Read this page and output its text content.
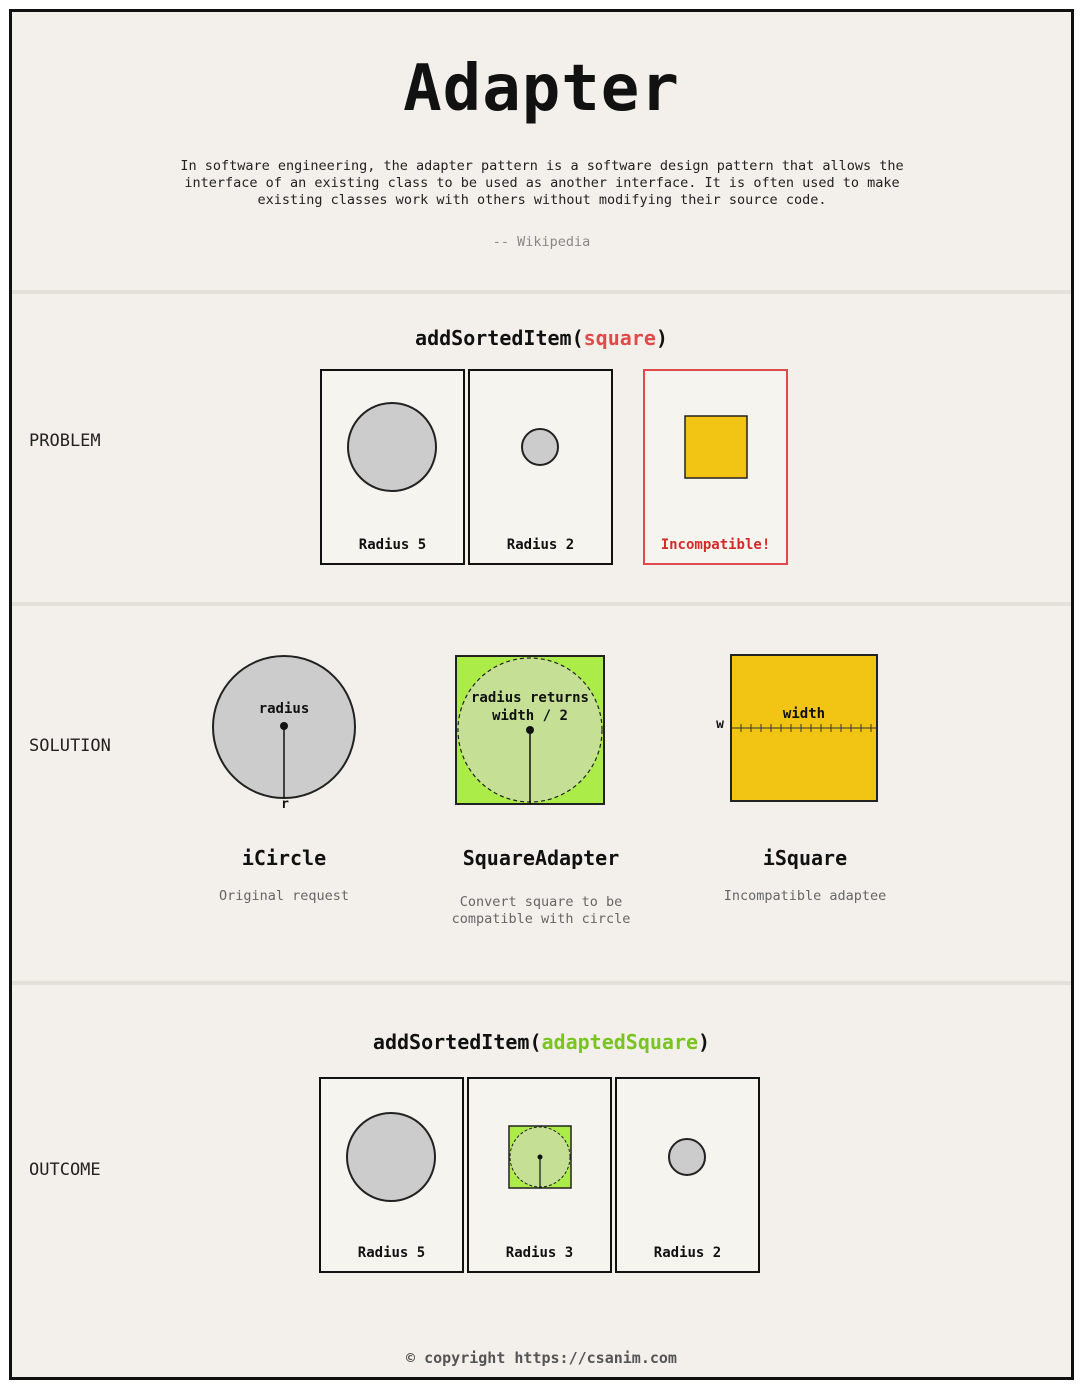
Adapter
In software engineering, the adapter pattern is a software design pattern that allows the interface of an existing class to be used as another interface. It is often used to make existing classes work with others without modifying their source code.
-- Wikipedia
PROBLEM
addSortedItem(square)
Radius 5	Radius 2	Incompatible!
SOLUTION
radius
r
radius returns
width / 2	width
w
iCircle
Original request
SquareAdapter
Convert square to be
compatible with circle
iSquare
Incompatible adaptee
OUTCOME
addSortedItem(adaptedSquare)
Radius 5	Radius 3	Radius 2
© copyright https://csanim.com
